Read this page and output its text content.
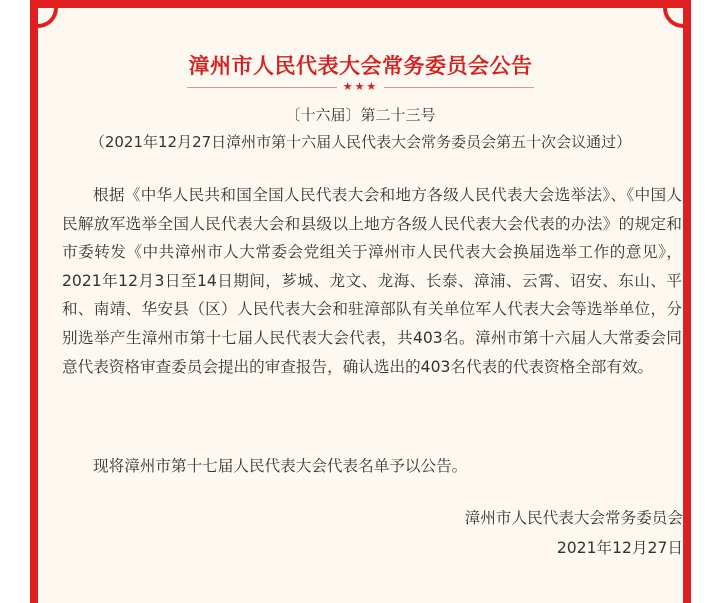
漳州市人民代表大会常务委员会公告
★★★
〔十六届〕第二十三号
（2021年12月27日漳州市第十六届人民代表大会常务委员会第五十次会议通过）
根据《中华人民共和国全国人民代表大会和地方各级人民代表大会选举法》、《中国人民解放军选举全国人民代表大会和县级以上地方各级人民代表大会代表的办法》的规定和市委转发《中共漳州市人大常委会党组关于漳州市人民代表大会换届选举工作的意见》，2021年12月3日至14日期间，芗城、龙文、龙海、长泰、漳浦、云霄、诏安、东山、平和、南靖、华安县（区）人民代表大会和驻漳部队有关单位军人代表大会等选举单位，分别选举产生漳州市第十七届人民代表大会代表，共403名。漳州市第十六届人大常委会同意代表资格审查委员会提出的审查报告，确认选出的403名代表的代表资格全部有效。
现将漳州市第十七届人民代表大会代表名单予以公告。
漳州市人民代表大会常务委员会
2021年12月27日
